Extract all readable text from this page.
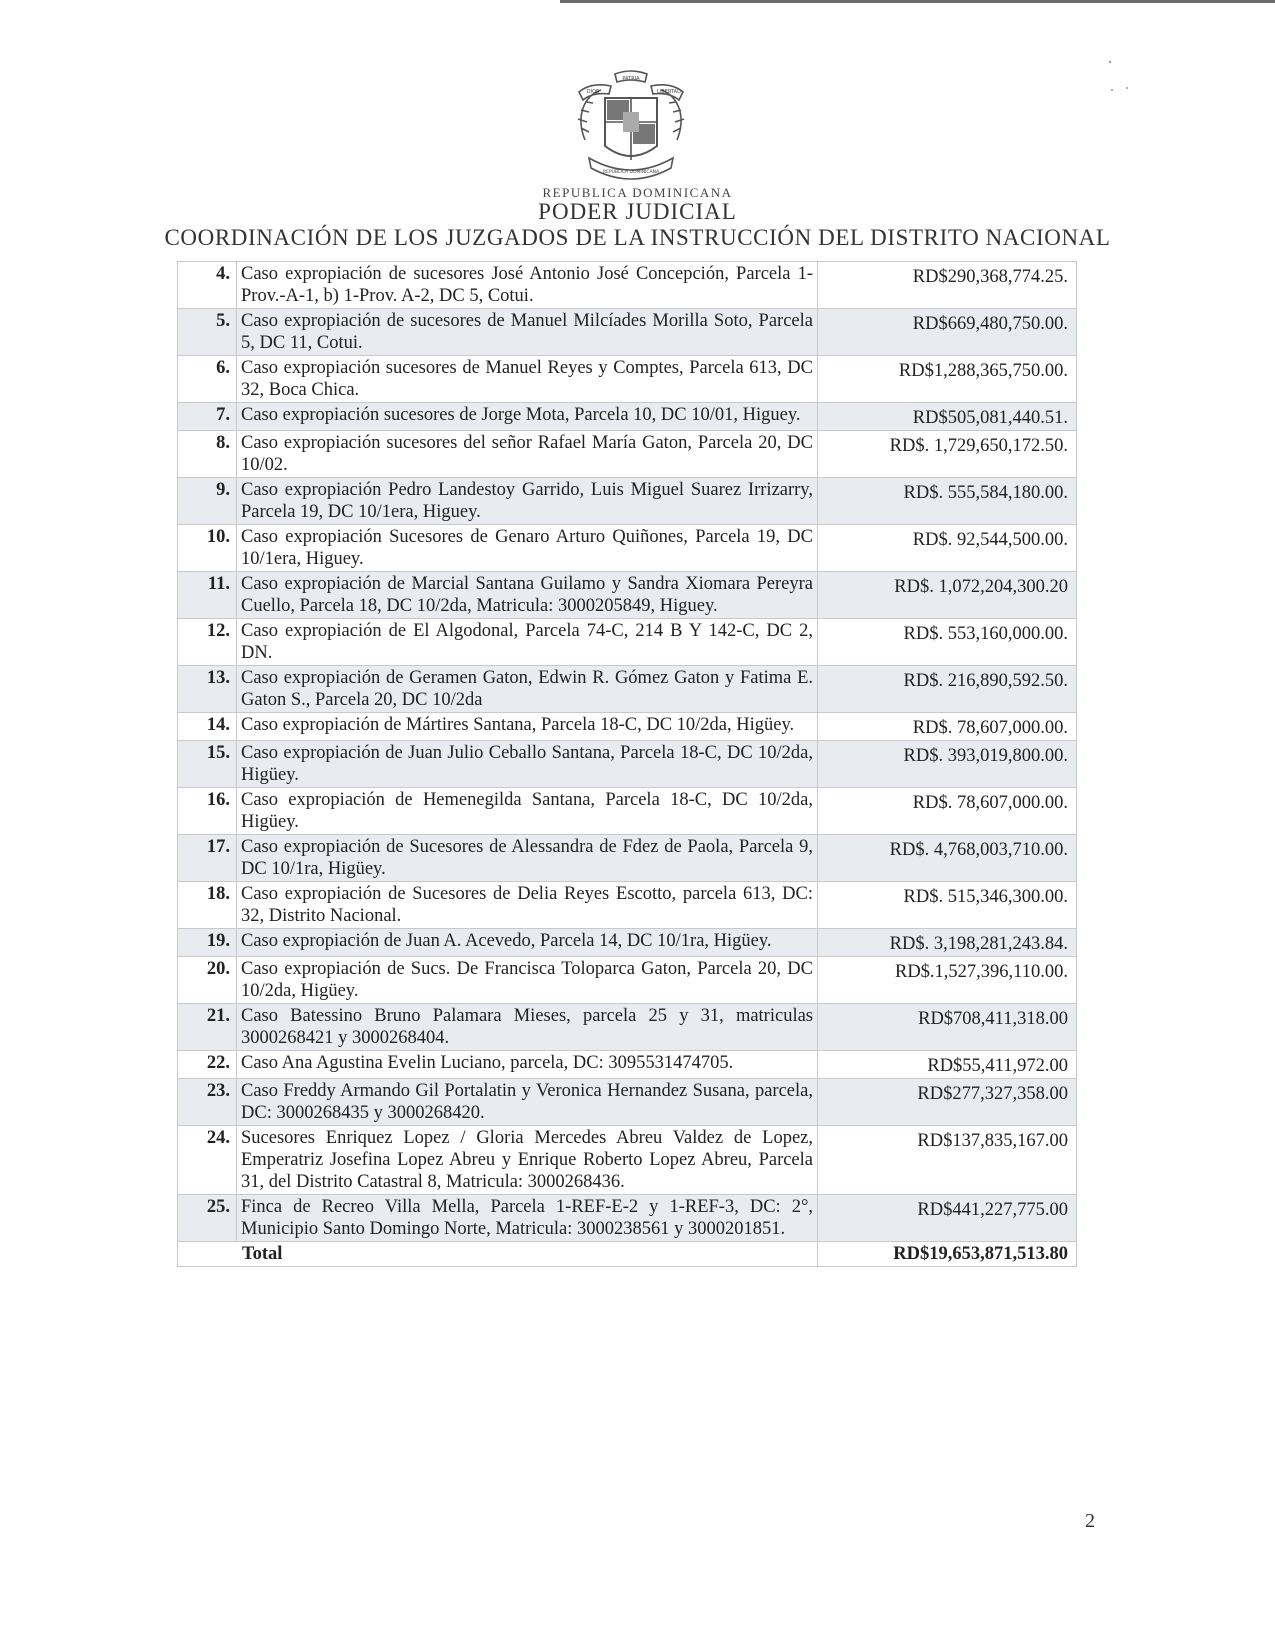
PATRIA
DIOS	LIBERTAD
REPUBLICA DOMINICANA
REPUBLICA DOMINICANA
PODER JUDICIAL
COORDINACIÓN DE LOS JUZGADOS DE LA INSTRUCCIÓN DEL DISTRITO NACIONAL
4.	Caso expropiación de sucesores José Antonio José Concepción, Parcela 1-Prov.-A-1, b) 1-Prov. A-2, DC 5, Cotui.	RD$290,368,774.25.
5.	Caso expropiación de sucesores de Manuel Milcíades Morilla Soto, Parcela 5, DC 11, Cotui.	RD$669,480,750.00.
6.	Caso expropiación sucesores de Manuel Reyes y Comptes, Parcela 613, DC 32, Boca Chica.	RD$1,288,365,750.00.
7.	Caso expropiación sucesores de Jorge Mota, Parcela 10, DC 10/01, Higuey.	RD$505,081,440.51.
8.	Caso expropiación sucesores del señor Rafael María Gaton, Parcela 20, DC 10/02.	RD$. 1,729,650,172.50.
9.	Caso expropiación Pedro Landestoy Garrido, Luis Miguel Suarez Irrizarry, Parcela 19, DC 10/1era, Higuey.	RD$. 555,584,180.00.
10.	Caso expropiación Sucesores de Genaro Arturo Quiñones, Parcela 19, DC 10/1era, Higuey.	RD$. 92,544,500.00.
11.	Caso expropiación de Marcial Santana Guilamo y Sandra Xiomara Pereyra Cuello, Parcela 18, DC 10/2da, Matricula: 3000205849, Higuey.	RD$. 1,072,204,300.20
12.	Caso expropiación de El Algodonal, Parcela 74-C, 214 B Y 142-C, DC 2, DN.	RD$. 553,160,000.00.
13.	Caso expropiación de Geramen Gaton, Edwin R. Gómez Gaton y Fatima E. Gaton S., Parcela 20, DC 10/2da	RD$. 216,890,592.50.
14.	Caso expropiación de Mártires Santana, Parcela 18-C, DC 10/2da, Higüey.	RD$. 78,607,000.00.
15.	Caso expropiación de Juan Julio Ceballo Santana, Parcela 18-C, DC 10/2da, Higüey.	RD$. 393,019,800.00.
16.	Caso expropiación de Hemenegilda Santana, Parcela 18-C, DC 10/2da, Higüey.	RD$. 78,607,000.00.
17.	Caso expropiación de Sucesores de Alessandra de Fdez de Paola, Parcela 9, DC 10/1ra, Higüey.	RD$. 4,768,003,710.00.
18.	Caso expropiación de Sucesores de Delia Reyes Escotto, parcela 613, DC: 32, Distrito Nacional.	RD$. 515,346,300.00.
19.	Caso expropiación de Juan A. Acevedo, Parcela 14, DC 10/1ra, Higüey.	RD$. 3,198,281,243.84.
20.	Caso expropiación de Sucs. De Francisca Toloparca Gaton, Parcela 20, DC 10/2da, Higüey.	RD$.1,527,396,110.00.
21.	Caso Batessino Bruno Palamara Mieses, parcela 25 y 31, matriculas 3000268421 y 3000268404.	RD$708,411,318.00
22.	Caso Ana Agustina Evelin Luciano, parcela, DC: 3095531474705.	RD$55,411,972.00
23.	Caso Freddy Armando Gil Portalatin y Veronica Hernandez Susana, parcela, DC: 3000268435 y 3000268420.	RD$277,327,358.00
24.	Sucesores Enriquez Lopez / Gloria Mercedes Abreu Valdez de Lopez, Emperatriz Josefina Lopez Abreu y Enrique Roberto Lopez Abreu, Parcela 31, del Distrito Catastral 8, Matricula: 3000268436.	RD$137,835,167.00
25.	Finca de Recreo Villa Mella, Parcela 1-REF-E-2 y 1-REF-3, DC: 2°, Municipio Santo Domingo Norte, Matricula: 3000238561 y 3000201851.	RD$441,227,775.00
Total		RD$19,653,871,513.80
2
